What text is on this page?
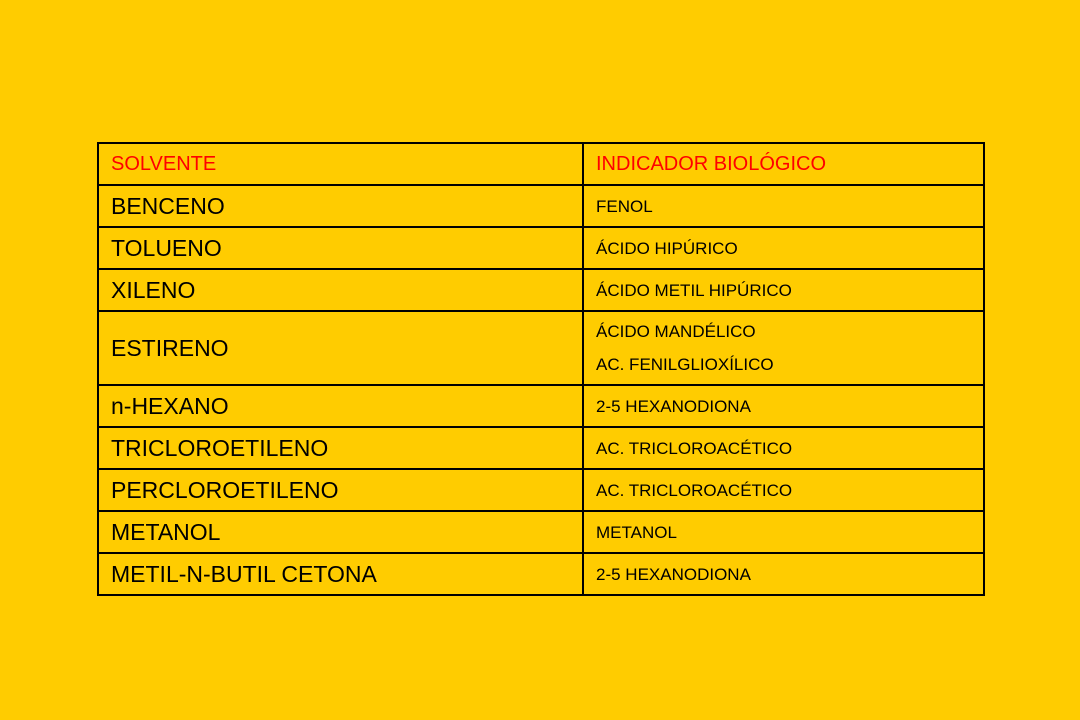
SOLVENTE	INDICADOR BIOLÓGICO
BENCENO	FENOL

TOLUENO	ÁCIDO HIPÚRICO

XILENO	ÁCIDO METIL HIPÚRICO

ESTIRENO	ÁCIDO MANDÉLICO
AC. FENILGLIOXÍLICO

n-HEXANO	2-5 HEXANODIONA

TRICLOROETILENO	AC. TRICLOROACÉTICO

PERCLOROETILENO	AC. TRICLOROACÉTICO

METANOL	METANOL

METIL-N-BUTIL CETONA	2-5 HEXANODIONA
